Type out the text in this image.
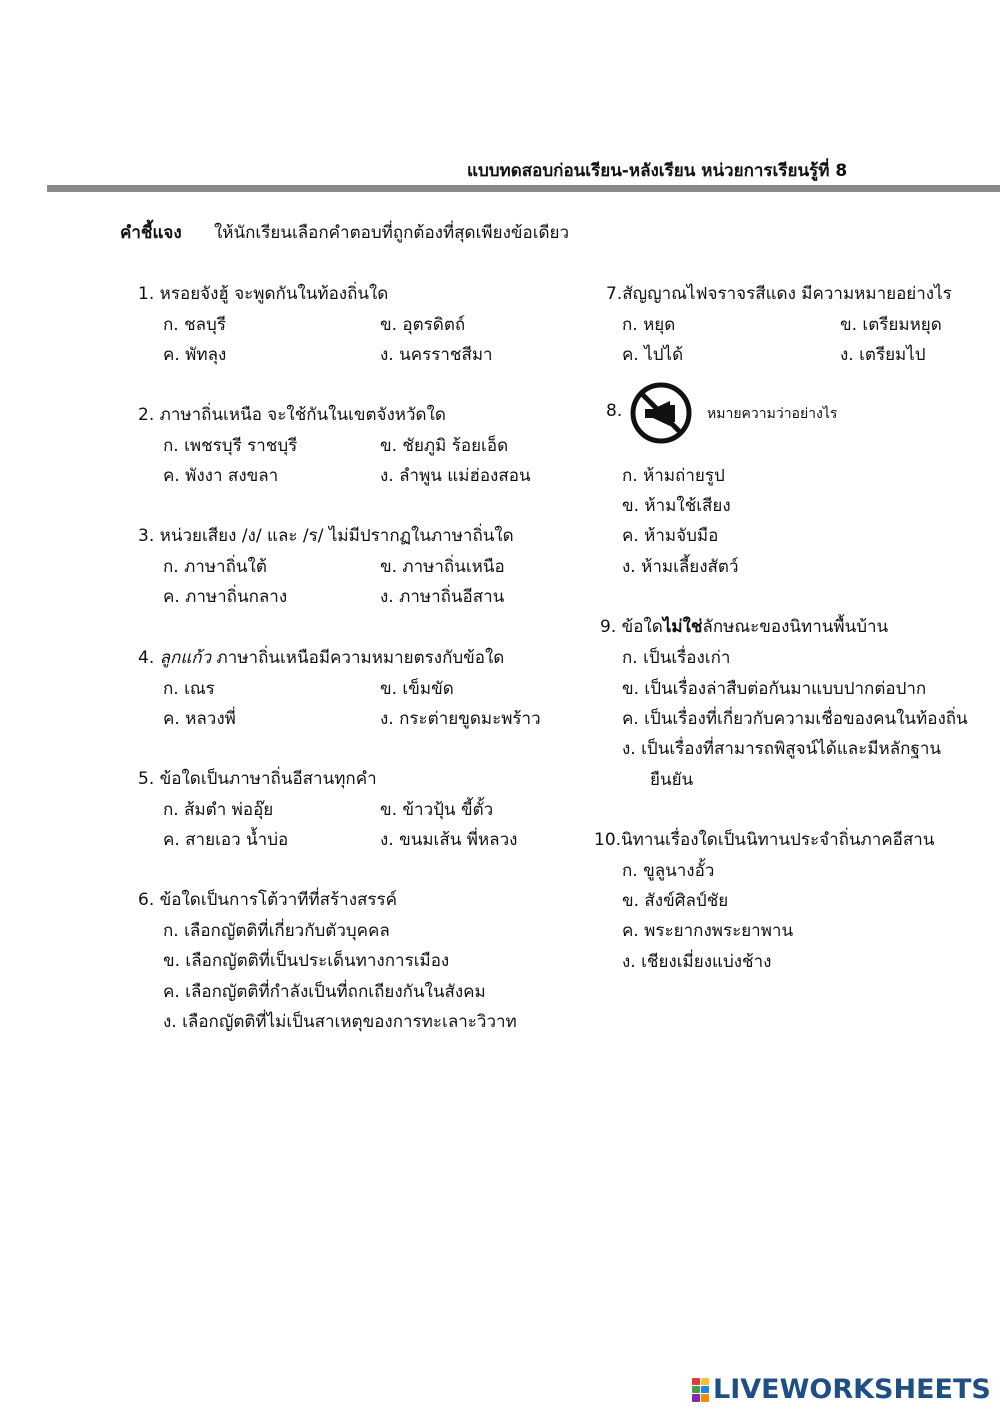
แบบทดสอบก่อนเรียน-หลังเรียน หน่วยการเรียนรู้ที่ 8
คำชี้แจง ให้นักเรียนเลือกคำตอบที่ถูกต้องที่สุดเพียงข้อเดียว
1. หรอยจังฮู้ จะพูดกันในท้องถิ่นใด
ก. ชลบุรี	ข. อุตรดิตถ์
ค. พัทลุง	ง. นครราชสีมา
2. ภาษาถิ่นเหนือ จะใช้กันในเขตจังหวัดใด
ก. เพชรบุรี ราชบุรี	ข. ชัยภูมิ ร้อยเอ็ด
ค. พังงา สงขลา	ง. ลำพูน แม่ฮ่องสอน
3. หน่วยเสียง /ง/ และ /ร/ ไม่มีปรากฏในภาษาถิ่นใด
ก. ภาษาถิ่นใต้	ข. ภาษาถิ่นเหนือ
ค. ภาษาถิ่นกลาง	ง. ภาษาถิ่นอีสาน
4. ลูกแก้ว ภาษาถิ่นเหนือมีความหมายตรงกับข้อใด
ก. เณร	ข. เข็มขัด
ค. หลวงพี่	ง. กระต่ายขูดมะพร้าว
5. ข้อใดเป็นภาษาถิ่นอีสานทุกคำ
ก. ส้มตำ พ่ออุ๊ย	ข. ข้าวปุ้น ขี้ตั้ว
ค. สายเอว น้ำบ่อ	ง. ขนมเส้น พี่หลวง
6. ข้อใดเป็นการโต้วาทีที่สร้างสรรค์
ก. เลือกญัตติที่เกี่ยวกับตัวบุคคล
ข. เลือกญัตติที่เป็นประเด็นทางการเมือง
ค. เลือกญัตติที่กำลังเป็นที่ถกเถียงกันในสังคม
ง. เลือกญัตติที่ไม่เป็นสาเหตุของการทะเลาะวิวาท
7.สัญญาณไฟจราจรสีแดง มีความหมายอย่างไร
ก. หยุด	ข. เตรียมหยุด
ค. ไปได้	ง. เตรียมไป
8.	หมายความว่าอย่างไร
ก. ห้ามถ่ายรูป
ข. ห้ามใช้เสียง
ค. ห้ามจับมือ
ง. ห้ามเลี้ยงสัตว์
9. ข้อใดไม่ใช่ลักษณะของนิทานพื้นบ้าน
ก. เป็นเรื่องเก่า
ข. เป็นเรื่องล่าสืบต่อกันมาแบบปากต่อปาก
ค. เป็นเรื่องที่เกี่ยวกับความเชื่อของคนในท้องถิ่น
ง. เป็นเรื่องที่สามารถพิสูจน์ได้และมีหลักฐาน
ยืนยัน
10.นิทานเรื่องใดเป็นนิทานประจำถิ่นภาคอีสาน
ก. ขูลูนางอั้ว
ข. สังข์ศิลป์ชัย
ค. พระยากงพระยาพาน
ง. เชียงเมี่ยงแบ่งช้าง
LIVEWORKSHEETS
